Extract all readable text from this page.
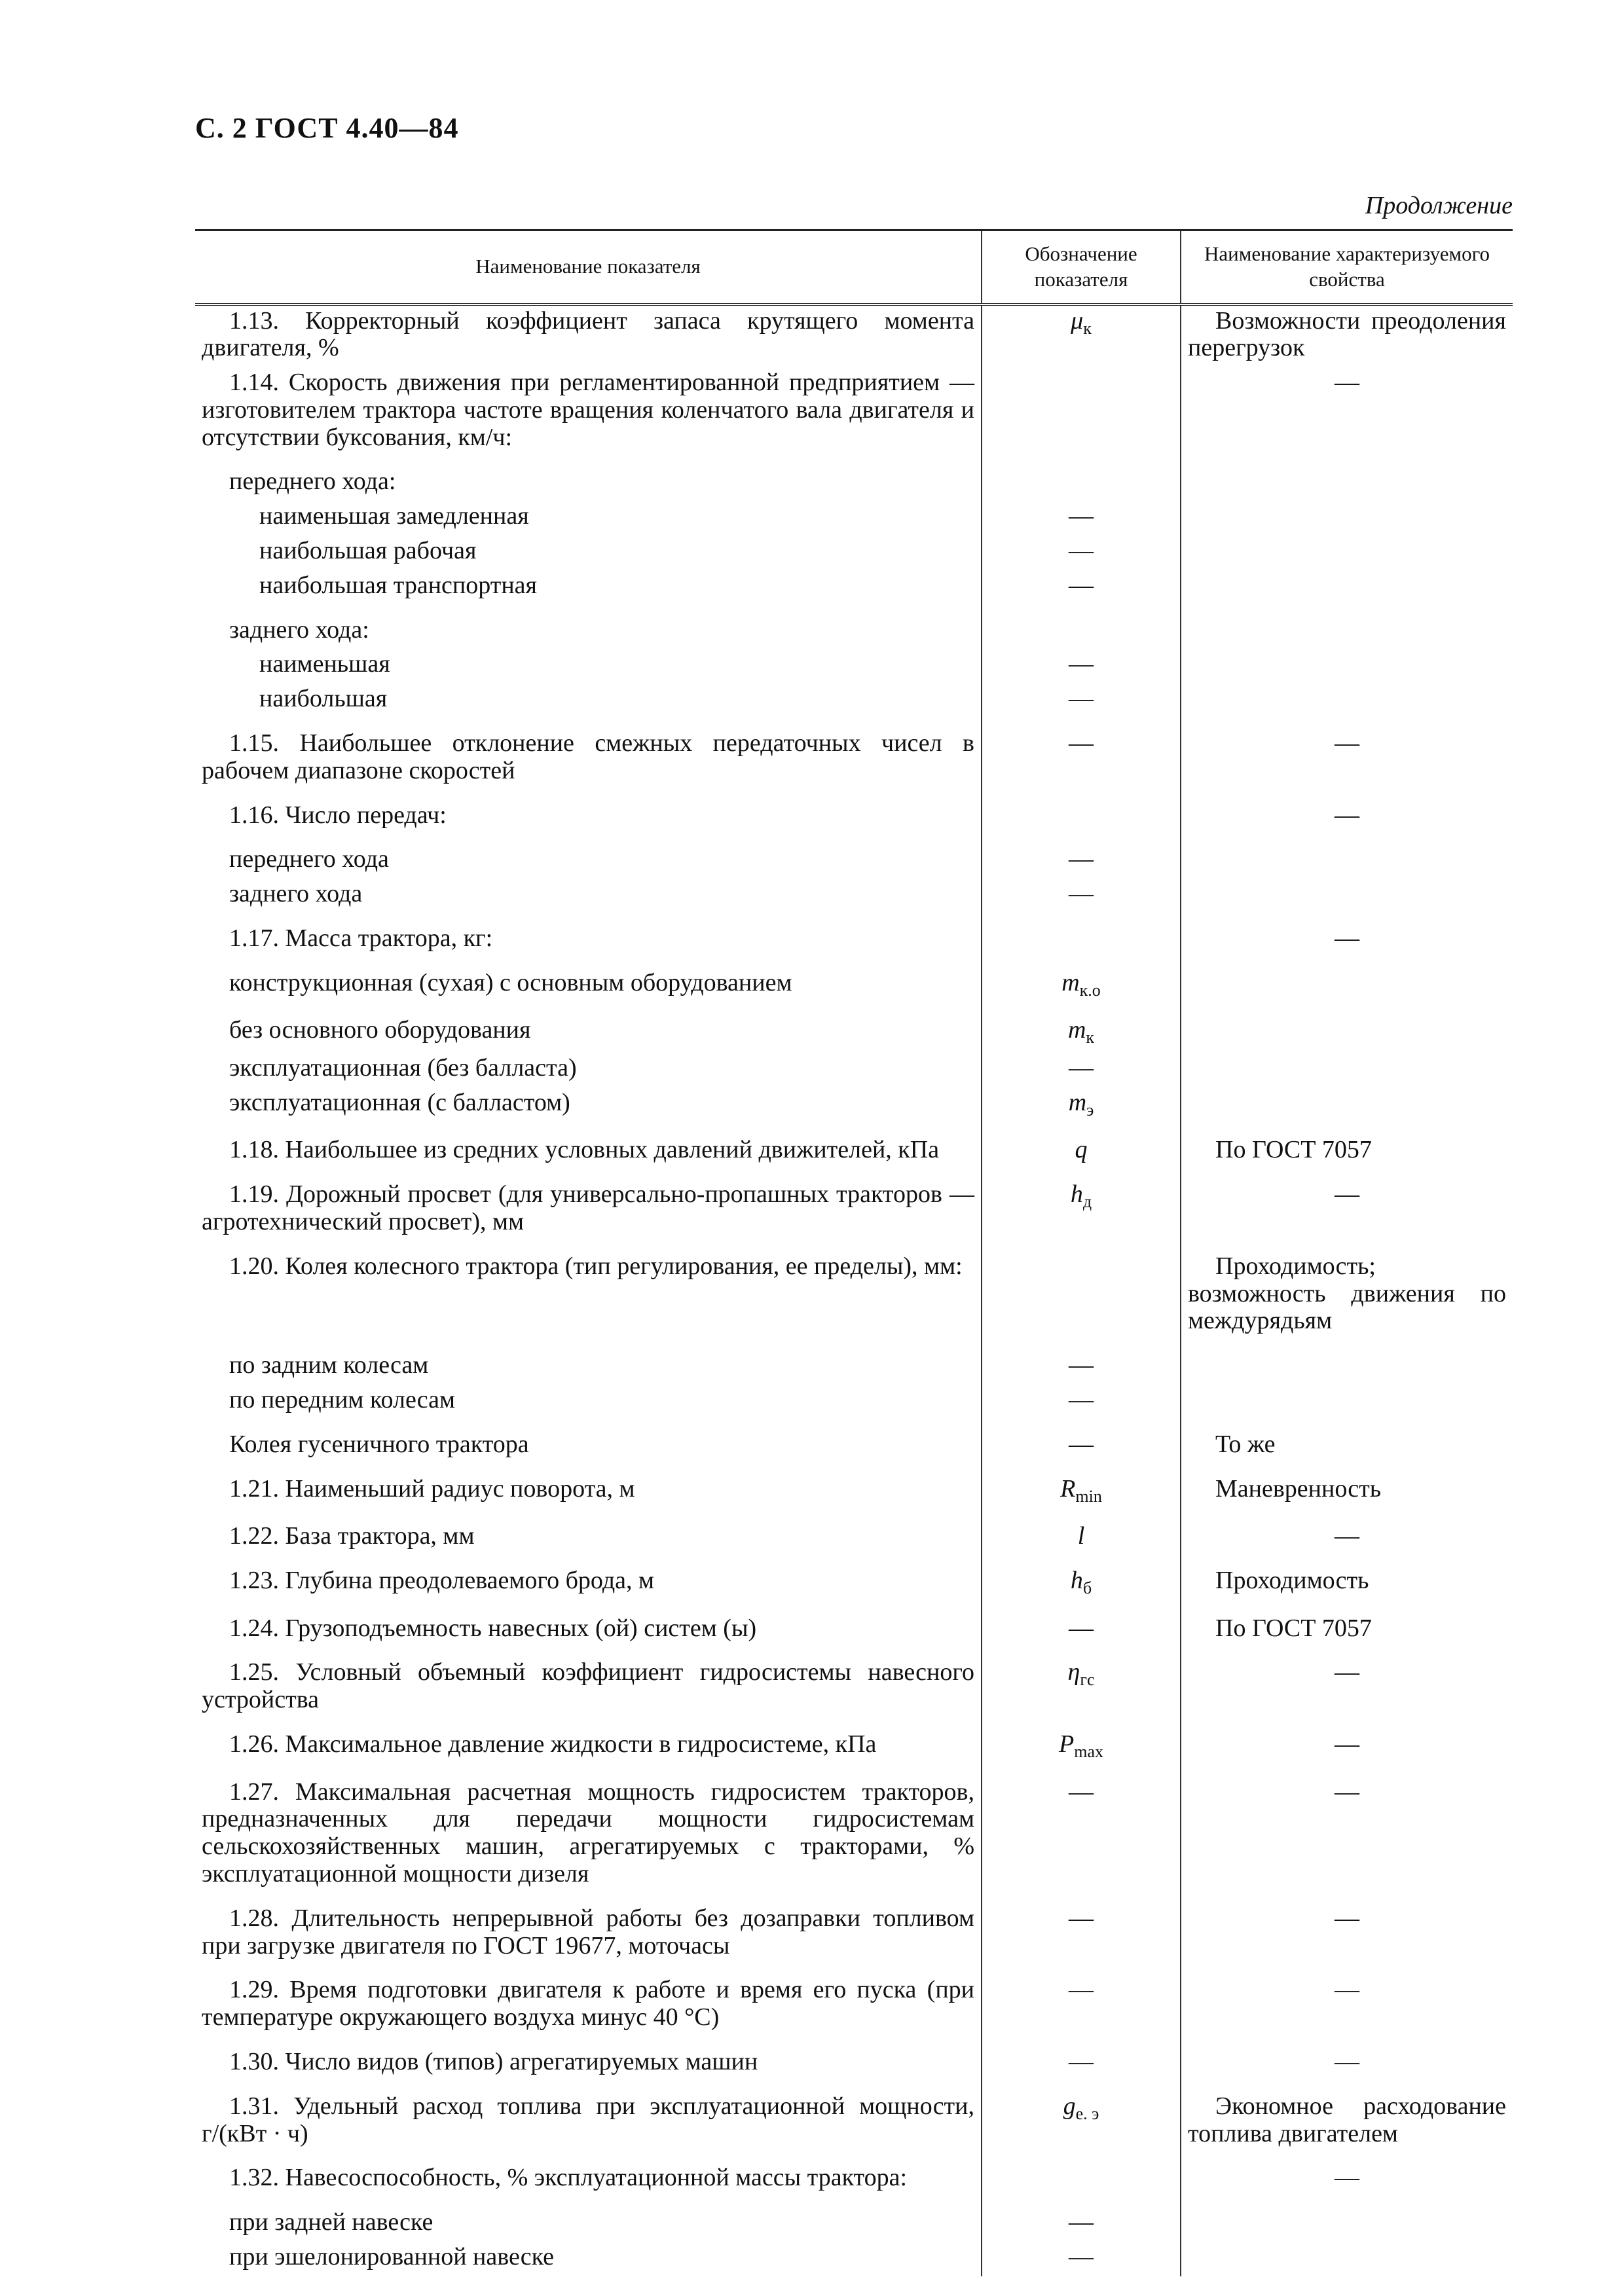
С. 2 ГОСТ 4.40—84
Продолжение
Наименование показателя	Обозначение показателя	Наименование характеризуемого свойства

1.13. Корректорный коэффициент запаса крутящего момента двигателя, %	$\mu_к$	Возможности преодоления перегрузок

1.14. Скорость движения при регламентированной предприятием — изготовителем трактора частоте вращения коленчатого вала двигателя и отсутствии буксования, км/ч:		—

переднего хода:		

наименьшая замедленная	—	

наибольшая рабочая	—	

наибольшая транспортная	—	

заднего хода:		

наименьшая	—	

наибольшая	—	

1.15. Наибольшее отклонение смежных передаточных чисел в рабочем диапазоне скоростей	—	—

1.16. Число передач:		—

переднего хода	—	

заднего хода	—	

1.17. Масса трактора, кг:		—

конструкционная (сухая) с основным оборудованием	$m_{к.о}$

без основного оборудования	$m_к$

эксплуатационная (без балласта)	—	

эксплуатационная (с балластом)	$m_э$

1.18. Наибольшее из средних условных давлений движителей, кПа	q	По ГОСТ 7057

1.19. Дорожный просвет (для универсально-пропашных тракторов — агротехнический просвет), мм	$h_д$	—

1.20. Колея колесного трактора (тип регулирования, ее пределы), мм:		Проходимость; возможность движения по междурядьям

по задним колесам	—	

по передним колесам	—	

Колея гусеничного трактора	—	То же

1.21. Наименьший радиус поворота, м	$R_{min}$	Маневренность

1.22. База трактора, мм	l	—

1.23. Глубина преодолеваемого брода, м	$h_б$	Проходимость

1.24. Грузоподъемность навесных (ой) систем (ы)	—	По ГОСТ 7057

1.25. Условный объемный коэффициент гидросистемы навесного устройства	$\eta_{гс}$	—

1.26. Максимальное давление жидкости в гидросистеме, кПа	$P_{max}$	—

1.27. Максимальная расчетная мощность гидросистем тракторов, предназначенных для передачи мощности гидросистемам сельскохозяйственных машин, агрегатируемых с тракторами, % эксплуатационной мощности дизеля	—	—

1.28. Длительность непрерывной работы без дозаправки топливом при загрузке двигателя по ГОСТ 19677, моточасы	—	—

1.29. Время подготовки двигателя к работе и время его пуска (при температуре окружающего воздуха минус 40 °С)	—	—

1.30. Число видов (типов) агрегатируемых машин	—	—

1.31. Удельный расход топлива при эксплуатационной мощности, г/(кВт · ч)	$g_{е. э}$	Экономное расходование топлива двигателем

1.32. Навесоспособность, % эксплуатационной массы трактора:		—

при задней навеске	—	

при эшелонированной навеске	—	
